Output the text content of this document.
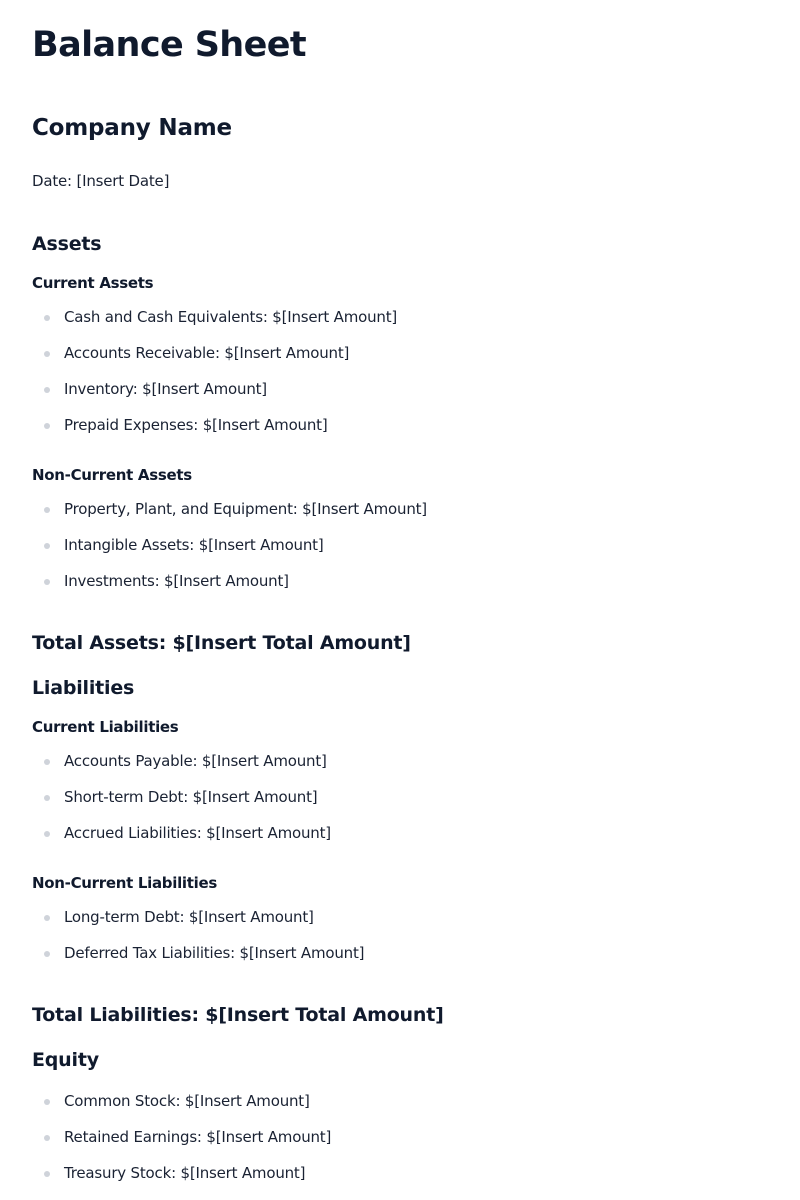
Balance Sheet
Company Name
Date: [Insert Date]
Assets
Current Assets
Cash and Cash Equivalents: $[Insert Amount]
Accounts Receivable: $[Insert Amount]
Inventory: $[Insert Amount]
Prepaid Expenses: $[Insert Amount]
Non-Current Assets
Property, Plant, and Equipment: $[Insert Amount]
Intangible Assets: $[Insert Amount]
Investments: $[Insert Amount]
Total Assets: $[Insert Total Amount]
Liabilities
Current Liabilities
Accounts Payable: $[Insert Amount]
Short-term Debt: $[Insert Amount]
Accrued Liabilities: $[Insert Amount]
Non-Current Liabilities
Long-term Debt: $[Insert Amount]
Deferred Tax Liabilities: $[Insert Amount]
Total Liabilities: $[Insert Total Amount]
Equity
Common Stock: $[Insert Amount]
Retained Earnings: $[Insert Amount]
Treasury Stock: $[Insert Amount]
